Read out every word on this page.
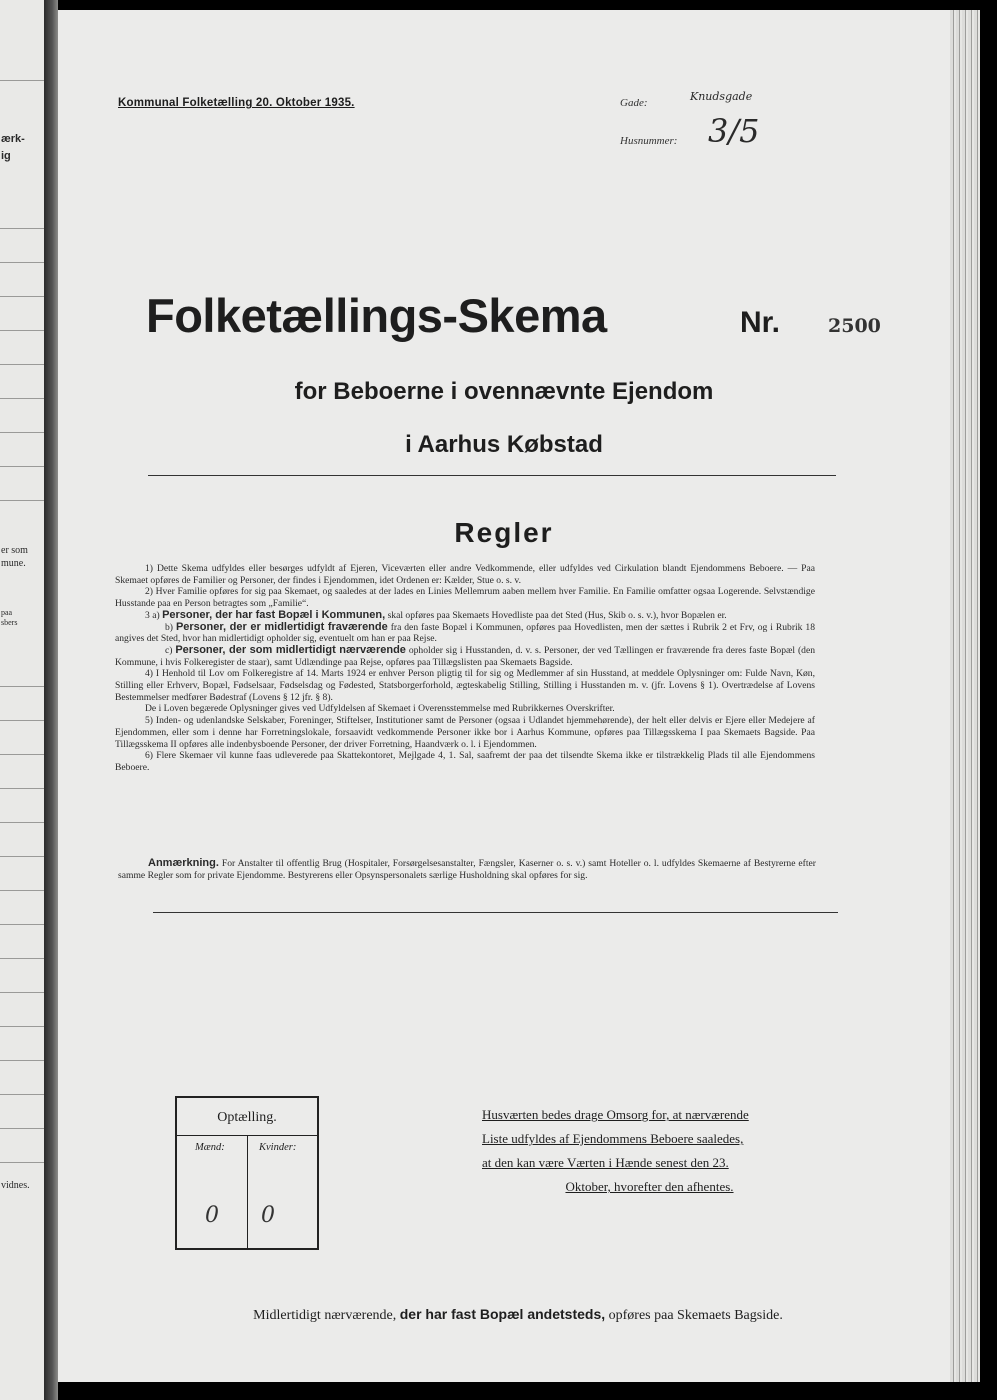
ærk-
ig
er som
mune.
paa
sbers
vidnes.
Kommunal Folketælling 20. Oktober 1935.	Gade:	Knudsgade
Husnummer: 3/5
Folketællings-Skema	Nr.	2500
for Beboerne i ovennævnte Ejendom
i Aarhus Købstad
Regler

1) Dette Skema udfyldes eller besørges udfyldt af Ejeren, Viceværten eller andre Vedkommende, eller udfyldes ved Cirkulation blandt Ejendommens Beboere. — Paa Skemaet opføres de Familier og Personer, der findes i Ejendommen, idet Ordenen er: Kælder, Stue o. s. v.

2) Hver Familie opføres for sig paa Skemaet, og saaledes at der lades en Linies Mellemrum aaben mellem hver Familie. En Familie omfatter ogsaa Logerende. Selvstændige Husstande paa en Person betragtes som „Familie“.

3 a) Personer, der har fast Bopæl i Kommunen, skal opføres paa Skemaets Hovedliste paa det Sted (Hus, Skib o. s. v.), hvor Bopælen er.

b) Personer, der er midlertidigt fraværende fra den faste Bopæl i Kommunen, opføres paa Hovedlisten, men der sættes i Rubrik 2 et Frv, og i Rubrik 18 angives det Sted, hvor han midlertidigt opholder sig, eventuelt om han er paa Rejse.

c) Personer, der som midlertidigt nærværende opholder sig i Husstanden, d. v. s. Personer, der ved Tællingen er fraværende fra deres faste Bopæl (den Kommune, i hvis Folkeregister de staar), samt Udlændinge paa Rejse, opføres paa Tillægslisten paa Skemaets Bagside.

4) I Henhold til Lov om Folkeregistre af 14. Marts 1924 er enhver Person pligtig til for sig og Medlemmer af sin Husstand, at meddele Oplysninger om: Fulde Navn, Køn, Stilling eller Erhverv, Bopæl, Fødselsaar, Fødselsdag og Fødested, Statsborgerforhold, ægteskabelig Stilling, Stilling i Husstanden m. v. (jfr. Lovens § 1). Overtrædelse af Lovens Bestemmelser medfører Bødestraf (Lovens § 12 jfr. § 8).

De i Loven begærede Oplysninger gives ved Udfyldelsen af Skemaet i Overensstemmelse med Rubrikkernes Overskrifter.

5) Inden- og udenlandske Selskaber, Foreninger, Stiftelser, Institutioner samt de Personer (ogsaa i Udlandet hjemmehørende), der helt eller delvis er Ejere eller Medejere af Ejendommen, eller som i denne har Forretningslokale, forsaavidt vedkommende Personer ikke bor i Aarhus Kommune, opføres paa Tillægsskema I paa Skemaets Bagside. Paa Tillægsskema II opføres alle indenbysboende Personer, der driver Forretning, Haandværk o. l. i Ejendommen.

6) Flere Skemaer vil kunne faas udleverede paa Skattekontoret, Mejlgade 4, 1. Sal, saafremt der paa det tilsendte Skema ikke er tilstrækkelig Plads til alle Ejendommens Beboere.

Anmærkning. For Anstalter til offentlig Brug (Hospitaler, Forsørgelsesanstalter, Fængsler, Kaserner o. s. v.) samt Hoteller o. l. udfyldes Skemaerne af Bestyrerne efter samme Regler som for private Ejendomme. Bestyrerens eller Opsynspersonalets særlige Husholdning skal opføres for sig.
Optælling.
Mænd:	Kvinder:
0 0
Husværten bedes drage Omsorg for, at nærværende
Liste udfyldes af Ejendommens Beboere saaledes,
at den kan være Værten i Hænde senest den 23.
Oktober, hvorefter den afhentes.
Midlertidigt nærværende, der har fast Bopæl andetsteds, opføres paa Skemaets Bagside.
